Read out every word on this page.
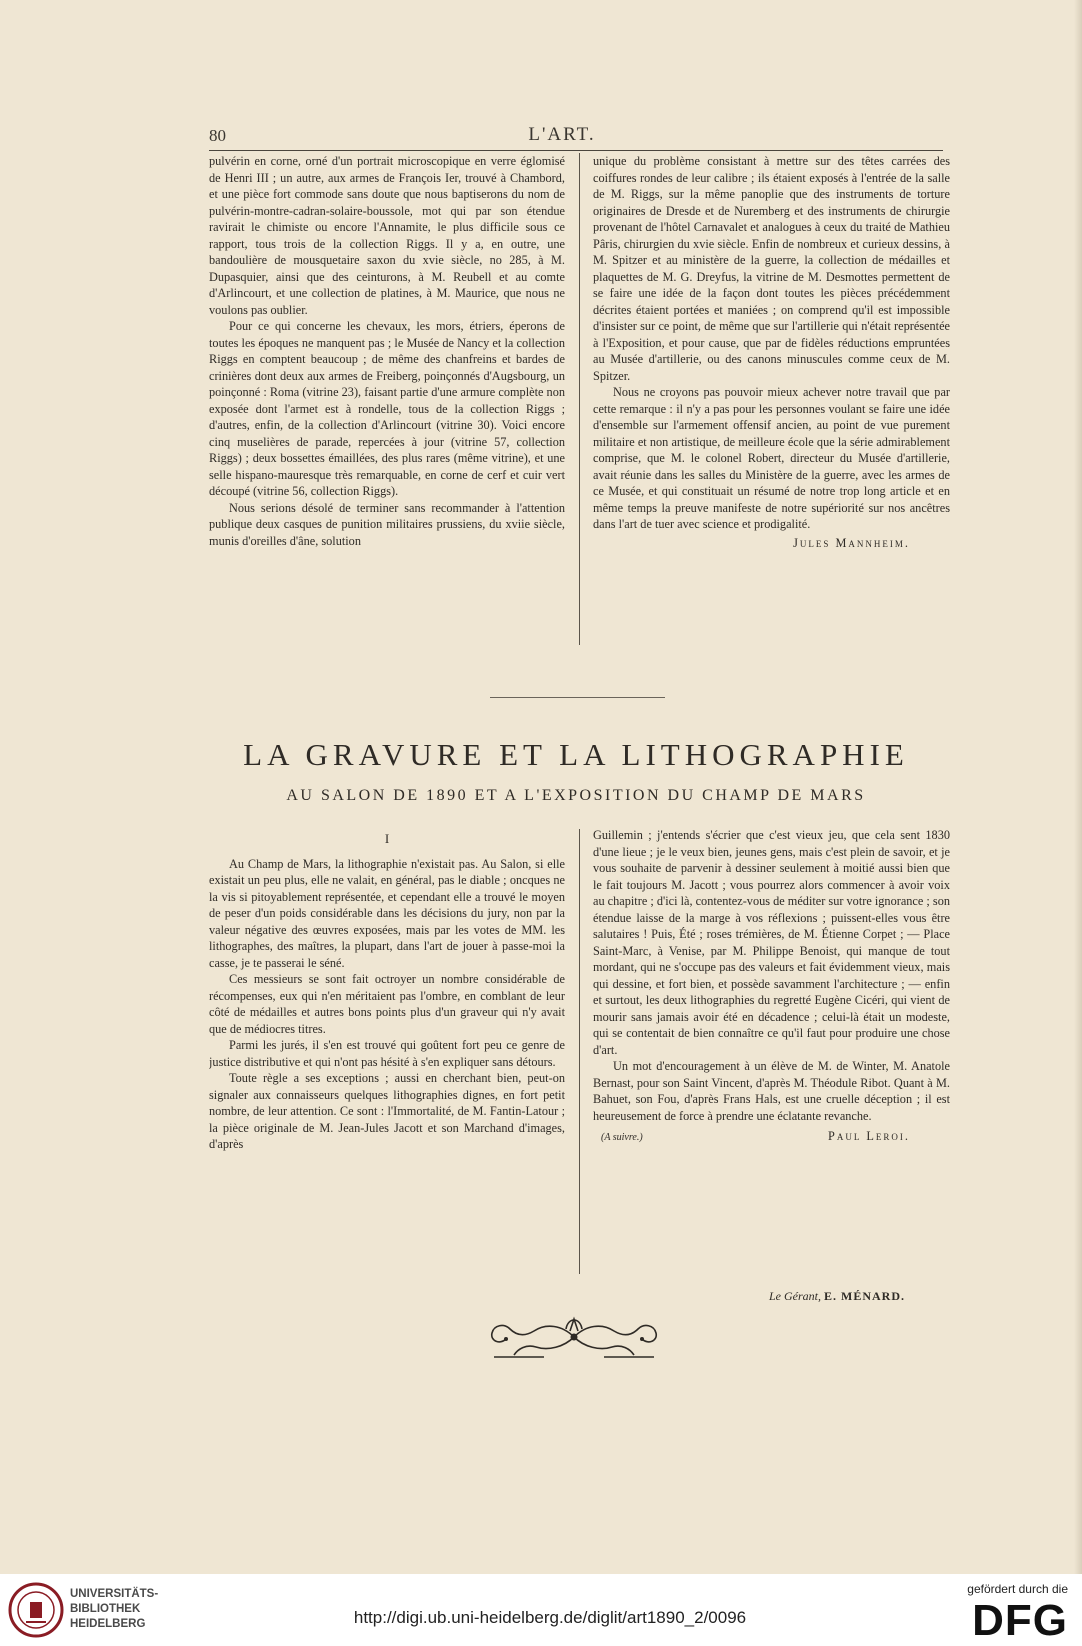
80	L'ART.

pulvérin en corne, orné d'un portrait microscopique en verre églomisé de Henri III ; un autre, aux armes de François Ier, trouvé à Chambord, et une pièce fort commode sans doute que nous baptiserons du nom de pulvérin-montre-cadran-solaire-boussole, mot qui par son étendue ravirait le chimiste ou encore l'Annamite, le plus difficile sous ce rapport, tous trois de la collection Riggs. Il y a, en outre, une bandoulière de mousquetaire saxon du xvie siècle, no 285, à M. Dupasquier, ainsi que des ceinturons, à M. Reubell et au comte d'Arlincourt, et une collection de platines, à M. Maurice, que nous ne voulons pas oublier.

Pour ce qui concerne les chevaux, les mors, étriers, éperons de toutes les époques ne manquent pas ; le Musée de Nancy et la collection Riggs en comptent beaucoup ; de même des chanfreins et bardes de crinières dont deux aux armes de Freiberg, poinçonnés d'Augsbourg, un poinçonné : Roma (vitrine 23), faisant partie d'une armure complète non exposée dont l'armet est à rondelle, tous de la collection Riggs ; d'autres, enfin, de la collection d'Arlincourt (vitrine 30). Voici encore cinq muselières de parade, repercées à jour (vitrine 57, collection Riggs) ; deux bossettes émaillées, des plus rares (même vitrine), et une selle hispano-mauresque très remarquable, en corne de cerf et cuir vert découpé (vitrine 56, collection Riggs).

Nous serions désolé de terminer sans recommander à l'attention publique deux casques de punition militaires prussiens, du xviie siècle, munis d'oreilles d'âne, solution

unique du problème consistant à mettre sur des têtes carrées des coiffures rondes de leur calibre ; ils étaient exposés à l'entrée de la salle de M. Riggs, sur la même panoplie que des instruments de torture originaires de Dresde et de Nuremberg et des instruments de chirurgie provenant de l'hôtel Carnavalet et analogues à ceux du traité de Mathieu Pâris, chirurgien du xvie siècle. Enfin de nombreux et curieux dessins, à M. Spitzer et au ministère de la guerre, la collection de médailles et plaquettes de M. G. Dreyfus, la vitrine de M. Desmottes permettent de se faire une idée de la façon dont toutes les pièces précédemment décrites étaient portées et maniées ; on comprend qu'il est impossible d'insister sur ce point, de même que sur l'artillerie qui n'était représentée à l'Exposition, et pour cause, que par de fidèles réductions empruntées au Musée d'artillerie, ou des canons minuscules comme ceux de M. Spitzer.

Nous ne croyons pas pouvoir mieux achever notre travail que par cette remarque : il n'y a pas pour les personnes voulant se faire une idée d'ensemble sur l'armement offensif ancien, au point de vue purement militaire et non artistique, de meilleure école que la série admirablement comprise, que M. le colonel Robert, directeur du Musée d'artillerie, avait réunie dans les salles du Ministère de la guerre, avec les armes de ce Musée, et qui constituait un résumé de notre trop long article et en même temps la preuve manifeste de notre supériorité sur nos ancêtres dans l'art de tuer avec science et prodigalité.

Jules Mannheim.
LA GRAVURE ET LA LITHOGRAPHIE
AU SALON DE 1890 ET A L'EXPOSITION DU CHAMP DE MARS
I

Au Champ de Mars, la lithographie n'existait pas. Au Salon, si elle existait un peu plus, elle ne valait, en général, pas le diable ; oncques ne la vis si pitoyablement représentée, et cependant elle a trouvé le moyen de peser d'un poids considérable dans les décisions du jury, non par la valeur négative des œuvres exposées, mais par les votes de MM. les lithographes, des maîtres, la plupart, dans l'art de jouer à passe-moi la casse, je te passerai le séné.

Ces messieurs se sont fait octroyer un nombre considérable de récompenses, eux qui n'en méritaient pas l'ombre, en comblant de leur côté de médailles et autres bons points plus d'un graveur qui n'y avait que de médiocres titres.

Parmi les jurés, il s'en est trouvé qui goûtent fort peu ce genre de justice distributive et qui n'ont pas hésité à s'en expliquer sans détours.

Toute règle a ses exceptions ; aussi en cherchant bien, peut-on signaler aux connaisseurs quelques lithographies dignes, en fort petit nombre, de leur attention. Ce sont : l'Immortalité, de M. Fantin-Latour ; la pièce originale de M. Jean-Jules Jacott et son Marchand d'images, d'après

Guillemin ; j'entends s'écrier que c'est vieux jeu, que cela sent 1830 d'une lieue ; je le veux bien, jeunes gens, mais c'est plein de savoir, et je vous souhaite de parvenir à dessiner seulement à moitié aussi bien que le fait toujours M. Jacott ; vous pourrez alors commencer à avoir voix au chapitre ; d'ici là, contentez-vous de méditer sur votre ignorance ; son étendue laisse de la marge à vos réflexions ; puissent-elles vous être salutaires ! Puis, Été ; roses trémières, de M. Étienne Corpet ; — Place Saint-Marc, à Venise, par M. Philippe Benoist, qui manque de tout mordant, qui ne s'occupe pas des valeurs et fait évidemment vieux, mais qui dessine, et fort bien, et possède savamment l'architecture ; — enfin et surtout, les deux lithographies du regretté Eugène Cicéri, qui vient de mourir sans jamais avoir été en décadence ; celui-là était un modeste, qui se contentait de bien connaître ce qu'il faut pour produire une chose d'art.

Un mot d'encouragement à un élève de M. de Winter, M. Anatole Bernast, pour son Saint Vincent, d'après M. Théodule Ribot. Quant à M. Bahuet, son Fou, d'après Frans Hals, est une cruelle déception ; il est heureusement de force à prendre une éclatante revanche.

Paul Leroi.
(A suivre.)
Le Gérant, E. MÉNARD.
UNIVERSITÄTS-
BIBLIOTHEK
HEIDELBERG	http://digi.ub.uni-heidelberg.de/diglit/art1890_2/0096
gefördert durch die
DFG
